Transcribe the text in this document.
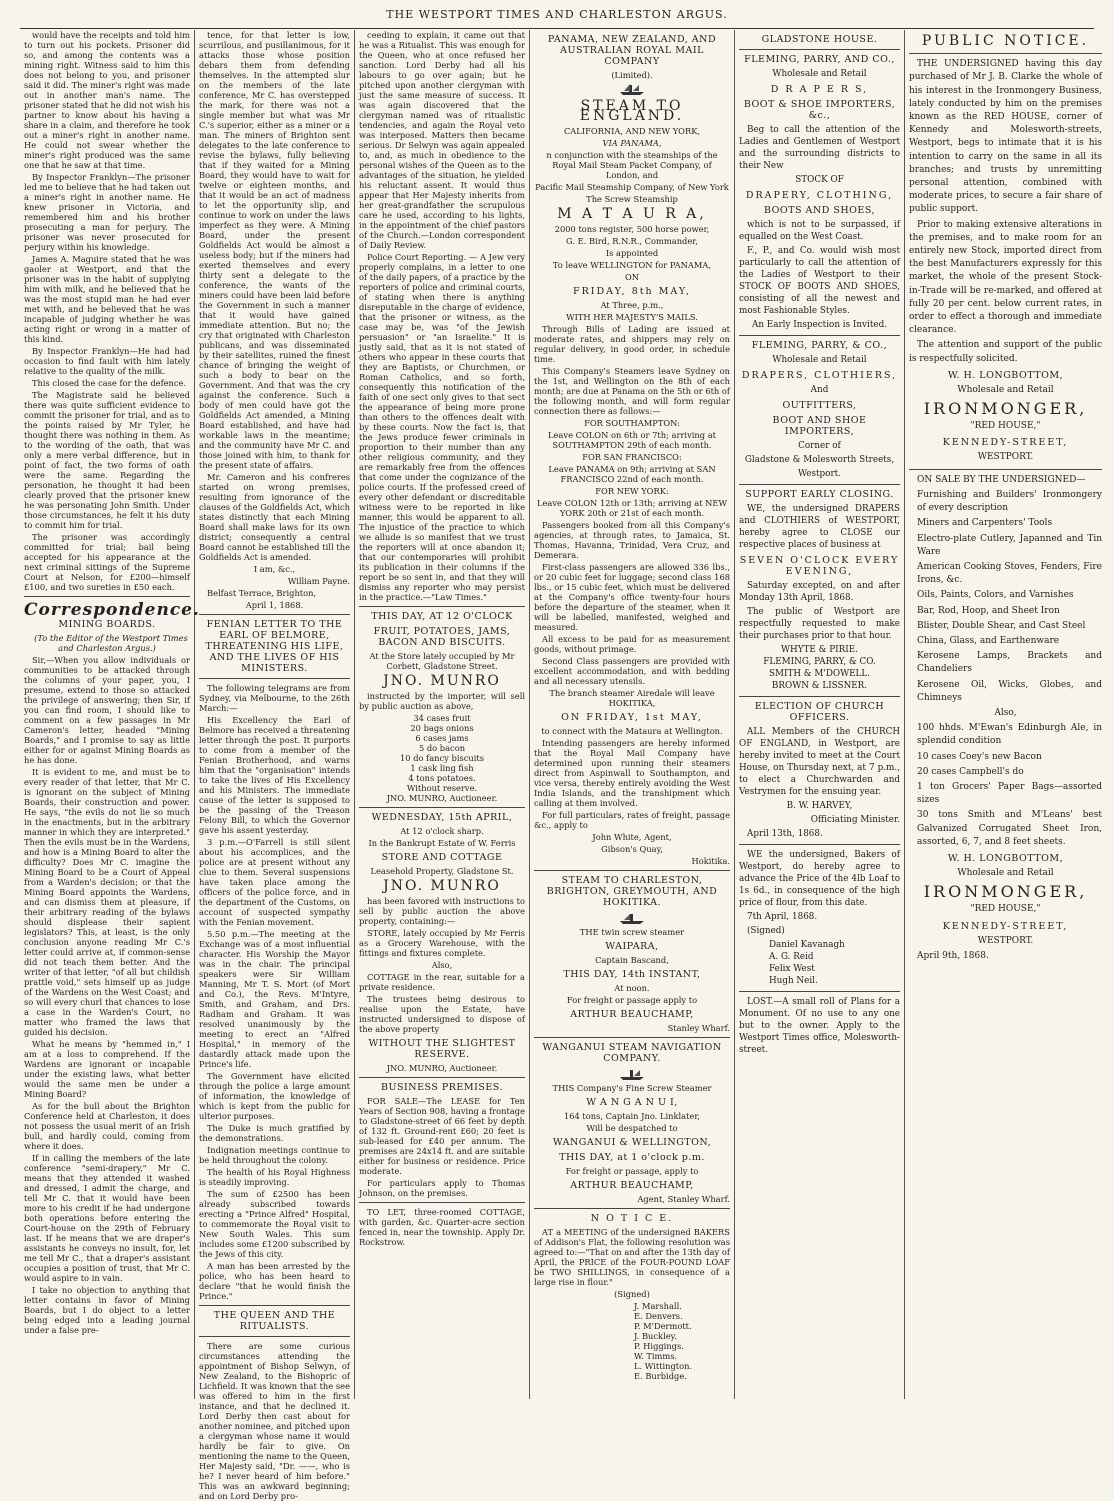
THE WESTPORT TIMES AND CHARLESTON ARGUS.

would have the receipts and told him to turn out his pockets. Prisoner did so, and among the contents was a mining right. Witness said to him this does not belong to you, and prisoner said it did. The miner's right was made out in another man's name. The prisoner stated that he did not wish his partner to know about his having a share in a claim, and therefore he took out a miner's right in another name. He could not swear whether the miner's right produced was the same one that he saw at that time.

By Inspector Franklyn—The prisoner led me to believe that he had taken out a miner's right in another name. He knew prisoner in Victoria, and remembered him and his brother prosecuting a man for perjury. The prisoner was never prosecuted for perjury within his knowledge.

James A. Maguire stated that he was gaoler at Westport, and that the prisoner was in the habit of supplying him with milk, and he believed that he was the most stupid man he had ever met with, and he believed that he was incapable of judging whether he was acting right or wrong in a matter of this kind.

By Inspector Franklyn—He had had occasion to find fault with him lately relative to the quality of the milk.

This closed the case for the defence.

The Magistrate said he believed there was quite sufficient evidence to commit the prisoner for trial, and as to the points raised by Mr Tyler, he thought there was nothing in them. As to the wording of the oath, that was only a mere verbal difference, but in point of fact, the two forms of oath were the same. Regarding the personation, he thought it had been clearly proved that the prisoner knew he was personating John Smith. Under those circumstances, he felt it his duty to commit him for trial.

The prisoner was accordingly committed for trial; bail being accepted for his appearance at the next criminal sittings of the Supreme Court at Nelson, for £200—himself £100, and two sureties in £50 each.

Correspondence.
MINING BOARDS.

(To the Editor of the Westport Times and Charleston Argus.)

Sir,—When you allow individuals or communities to be attacked through the columns of your paper, you, I presume, extend to those so attacked the privilege of answering; then Sir, if you can find room, I should like to comment on a few passages in Mr Cameron's letter, headed "Mining Boards," and I promise to say as little either for or against Mining Boards as he has done.

It is evident to me, and must be to every reader of that letter, that Mr C. is ignorant on the subject of Mining Boards, their construction and power. He says, "the evils do not lie so much in the enactments, but in the arbitrary manner in which they are interpreted." Then the evils must be in the Wardens, and how is a Mining Board to alter the difficulty? Does Mr C. imagine the Mining Board to be a Court of Appeal from a Warden's decision; or that the Mining Board appoints the Wardens, and can dismiss them at pleasure, if their arbitrary reading of the bylaws should displease their sapient legislators? This, at least, is the only conclusion anyone reading Mr C.'s letter could arrive at, if common-sense did not teach them better. And the writer of that letter, "of all but childish prattle void," sets himself up as judge of the Wardens on the West Coast; and so will every churl that chances to lose a case in the Warden's Court, no matter who framed the laws that guided his decision.

What he means by "hemmed in," I am at a loss to comprehend. If the Wardens are ignorant or incapable under the existing laws, what better would the same men be under a Mining Board?

As for the bull about the Brighton Conference held at Charleston, it does not possess the usual merit of an Irish bull, and hardly could, coming from where it does.

If in calling the members of the late conference "semi-drapery," Mr C. means that they attended it washed and dressed, I admit the charge, and tell Mr C. that it would have been more to his credit if he had undergone both operations before entering the Court-house on the 29th of February last. If he means that we are draper's assistants he conveys no insult, for, let me tell Mr C., that a draper's assistant occupies a position of trust, that Mr C. would aspire to in vain.

I take no objection to anything that letter contains in favor of Mining Boards, but I do object to a letter being edged into a leading journal under a false pre-

tence, for that letter is low, scurrilous, and pusillanimous, for it attacks those whose position debars them from defending themselves. In the attempted slur on the members of the late conference, Mr C. has overstepped the mark, for there was not a single member but what was Mr C.'s superior, either as a miner or a man. The miners of Brighton sent delegates to the late conference to revise the bylaws, fully believing that if they waited for a Mining Board, they would have to wait for twelve or eighteen months, and that it would be an act of madness to let the opportunity slip, and continue to work on under the laws imperfect as they were. A Mining Board, under the present Goldfields Act would be almost a useless body; but if the miners had exerted themselves and every thirty sent a delegate to the conference, the wants of the miners could have been laid before the Government in such a manner that it would have gained immediate attention. But no; the cry that originated with Charleston publicans, and was disseminated by their satellites, ruined the finest chance of bringing the weight of such a body to bear on the Government. And that was the cry against the conference. Such a body of men could have got the Goldfields Act amended, a Mining Board established, and have had workable laws in the meantime; and the community have Mr C. and those joined with him, to thank for the present state of affairs.

Mr. Cameron and his confreres started on wrong premises, resulting from ignorance of the clauses of the Goldfields Act, which states distinctly that each Mining Board shall make laws for its own district; consequently a central Board cannot be established till the Goldfields Act is amended.

I am, &c.,

William Payne.

Belfast Terrace, Brighton,

April 1, 1868.

FENIAN LETTER TO THE EARL OF BELMORE, THREATENING HIS LIFE, AND THE LIVES OF HIS MINISTERS.

The following telegrams are from Sydney, via Melbourne, to the 26th March:—

His Excellency the Earl of Belmore has received a threatening letter through the post. It purports to come from a member of the Fenian Brotherhood, and warns him that the "organisation" intends to take the lives of His Excellency and his Ministers. The immediate cause of the letter is supposed to be the passing of the Treason Felony Bill, to which the Governor gave his assent yesterday.

3 p.m.—O'Farrell is still silent about his accomplices, and the police are at present without any clue to them. Several suspensions have taken place among the officers of the police force, and in the department of the Customs, on account of suspected sympathy with the Fenian movement.

5.50 p.m.—The meeting at the Exchange was of a most influential character. His Worship the Mayor was in the chair. The principal speakers were Sir William Manning, Mr T. S. Mort (of Mort and Co.), the Revs. M'Intyre, Smith, and Graham, and Drs. Radham and Graham. It was resolved unanimously by the meeting to erect an "Alfred Hospital," in memory of the dastardly attack made upon the Prince's life.

The Government have elicited through the police a large amount of information, the knowledge of which is kept from the public for ulterior purposes.

The Duke is much gratified by the demonstrations.

Indignation meetings continue to be held throughout the colony.

The health of his Royal Highness is steadily improving.

The sum of £2500 has been already subscribed towards erecting a "Prince Alfred" Hospital, to commemorate the Royal visit to New South Wales. This sum includes some £1200 subscribed by the Jews of this city.

A man has been arrested by the police, who has been heard to declare "that he would finish the Prince."

THE QUEEN AND THE RITUALISTS.

There are some curious circumstances attending the appointment of Bishop Selwyn, of New Zealand, to the Bishopric of Lichfield. It was known that the see was offered to him in the first instance, and that he declined it. Lord Derby then cast about for another nominee, and pitched upon a clergyman whose name it would hardly be fair to give. On mentioning the name to the Queen, Her Majesty said, "Dr. ——, who is he? I never heard of him before." This was an awkward beginning; and on Lord Derby pro-

ceeding to explain, it came out that he was a Ritualist. This was enough for the Queen, who at once refused her sanction. Lord Derby had all his labours to go over again; but he pitched upon another clergyman with just the same measure of success. It was again discovered that the clergyman named was of ritualistic tendencies, and again the Royal veto was interposed. Matters then became serious. Dr Selwyn was again appealed to, and, as much in obedience to the personal wishes of the Queen as to the advantages of the situation, he yielded his reluctant assent. It would thus appear that Her Majesty inherits from her great-grandfather the scrupulous care he used, according to his lights, in the appointment of the chief pastors of the Church.—London correspondent of Daily Review.

Police Court Reporting. — A Jew very properly complains, in a letter to one of the daily papers, of a practice by the reporters of police and criminal courts, of stating when there is anything disreputable in the charge of evidence, that the prisoner or witness, as the case may be, was "of the Jewish persuasion" or "an Israelite." It is justly said, that as it is not stated of others who appear in these courts that they are Baptists, or Churchmen, or Roman Catholics, and so forth, consequently this notification of the faith of one sect only gives to that sect the appearance of being more prone than others to the offences dealt with by these courts. Now the fact is, that the Jews produce fewer criminals in proportion to their number than any other religious community, and they are remarkably free from the offences that come under the cognizance of the police courts. If the professed creed of every other defendant or discreditable witness were to be reported in like manner, this would be apparent to all. The injustice of the practice to which we allude is so manifest that we trust the reporters will at once abandon it; that our contemporaries will prohibit its publication in their columns if the report be so sent in, and that they will dismiss any reporter who may persist in the practice.—"Law Times."

THIS DAY, AT 12 O'CLOCK
FRUIT, POTATOES, JAMS, BACON AND BISCUITS.

At the Store lately occupied by Mr Corbett, Gladstone Street.

JNO. MUNRO

instructed by the importer, will sell by public auction as above,

34 cases fruit
20 bags onions
6 cases jams
5 do bacon
10 do fancy biscuits
1 cask ling fish
4 tons potatoes.
Without reserve.

JNO. MUNRO, Auctioneer.

WEDNESDAY, 15th APRIL,

At 12 o'clock sharp.

In the Bankrupt Estate of W. Ferris

STORE AND COTTAGE

Leasehold Property, Gladstone St.

JNO. MUNRO

has been favored with instructions to sell by public auction the above property, containing:—

STORE, lately occupied by Mr Ferris as a Grocery Warehouse, with the fittings and fixtures complete.

Also,

COTTAGE in the rear, suitable for a private residence.

The trustees being desirous to realise upon the Estate, have instructed undersigned to dispose of the above property

WITHOUT THE SLIGHTEST RESERVE.

JNO. MUNRO, Auctioneer.

BUSINESS PREMISES.

FOR SALE—The LEASE for Ten Years of Section 908, having a frontage to Gladstone-street of 66 feet by depth of 132 ft. Ground-rent £60; 20 feet is sub-leased for £40 per annum. The premises are 24x14 ft. and are suitable either for business or residence. Price moderate.

For particulars apply to Thomas Johnson, on the premises.

TO LET, three-roomed COTTAGE, with garden, &c. Quarter-acre section fenced in, near the township. Apply Dr. Rockstrow.

PANAMA, NEW ZEALAND, AND AUSTRALIAN ROYAL MAIL COMPANY

(Limited).

STEAM TO ENGLAND.

CALIFORNIA, AND NEW YORK,

VIA PANAMA,

n conjunction with the steamships of the Royal Mail Steam Packet Company, of London, and

Pacific Mail Steamship Company, of New York

The Screw Steamship

M A T A U R A,

2000 tons register, 500 horse power,

G. E. Bird, R.N.R., Commander,

Is appointed

To leave WELLINGTON for PANAMA,

ON

FRIDAY, 8th MAY,

At Three, p.m.,

WITH HER MAJESTY'S MAILS.

Through Bills of Lading are issued at moderate rates, and shippers may rely on regular delivery, in good order, in schedule time.

This Company's Steamers leave Sydney on the 1st, and Wellington on the 8th of each month; are due at Panama on the 5th or 6th of the following month, and will form regular connection there as follows:—

FOR SOUTHAMPTON:

Leave COLON on 6th or 7th; arriving at SOUTHAMPTON 29th of each month.

FOR SAN FRANCISCO:

Leave PANAMA on 9th; arriving at SAN FRANCISCO 22nd of each month.

FOR NEW YORK:

Leave COLON 12th or 13th; arriving at NEW YORK 20th or 21st of each month.

Passengers booked from all this Company's agencies, at through rates, to Jamaica, St. Thomas, Havanna, Trinidad, Vera Cruz, and Demerara.

First-class passengers are allowed 336 lbs., or 20 cubic feet for luggage; second class 168 lbs., or 15 cubic feet, which must be delivered at the Company's office twenty-four hours before the departure of the steamer, when it will be labelled, manifested, weighed and measured.

All excess to be paid for as measurement goods, without primage.

Second Class passengers are provided with excellent accommodation, and with bedding and all necessary utensils.

The branch steamer Airedale will leave HOKITIKA,

ON FRIDAY, 1st MAY,

to connect with the Mataura at Wellington.

Intending passengers are hereby informed that the Royal Mail Company have determined upon running their steamers direct from Aspinwall to Southampton, and vice versa, thereby entirely avoiding the West India Islands, and the transhipment which calling at them involved.

For full particulars, rates of freight, passage &c., apply to

John White, Agent,

Gibson's Quay,

Hokitika.

STEAM TO CHARLESTON, BRIGHTON, GREYMOUTH, AND HOKITIKA.

THE twin screw steamer

WAIPARA,

Captain Bascand,

THIS DAY, 14th INSTANT,

At noon.

For freight or passage apply to

ARTHUR BEAUCHAMP,

Stanley Wharf.

WANGANUI STEAM NAVIGATION COMPANY.

THIS Company's Fine Screw Steamer

W A N G A N U I,

164 tons, Captain Jno. Linklater,

Will be despatched to

WANGANUI & WELLINGTON,
THIS DAY, at 1 o'clock p.m.

For freight or passage, apply to

ARTHUR BEAUCHAMP,

Agent, Stanley Wharf.

N O T I C E.

AT a MEETING of the undersigned BAKERS of Addison's Flat, the following resolution was agreed to:—"That on and after the 13th day of April, the PRICE of the FOUR-POUND LOAF be TWO SHILLINGS, in consequence of a large rise in flour."

(Signed)

J. Marshall.
E. Denvers.
P. M'Dermott.
J. Buckley.
P. Higgings.
W. Timms.
L. Wittington.
E. Burbidge.
GLADSTONE HOUSE.
FLEMING, PARRY, AND CO.,

Wholesale and Retail

D R A P E R S,
BOOT & SHOE IMPORTERS, &c.,

Beg to call the attention of the Ladies and Gentlemen of Westport and the surrounding districts to their New

STOCK OF

DRAPERY, CLOTHING,
BOOTS AND SHOES,

which is not to be surpassed, if equalled on the West Coast.

F., P., and Co. would wish most particularly to call the attention of the Ladies of Westport to their STOCK OF BOOTS AND SHOES, consisting of all the newest and most Fashionable Styles.

An Early Inspection is Invited.

FLEMING, PARRY, & CO.,

Wholesale and Retail

DRAPERS, CLOTHIERS,

And

OUTFITTERS,
BOOT AND SHOE IMPORTERS,

Corner of

Gladstone & Molesworth Streets,

Westport.

SUPPORT EARLY CLOSING.

WE, the undersigned DRAPERS and CLOTHIERS of WESTPORT, hereby agree to CLOSE our respective places of business at

SEVEN O'CLOCK EVERY EVENING,

Saturday excepted, on and after Monday 13th April, 1868.

The public of Westport are respectfully requested to make their purchases prior to that hour.

WHYTE & PIRIE.
FLEMING, PARRY, & CO.
SMITH & M'DOWELL.
BROWN & LISSNER.
ELECTION OF CHURCH OFFICERS.

ALL Members of the CHURCH OF ENGLAND, in Westport, are hereby invited to meet at the Court House, on Thursday next, at 7 p.m., to elect a Churchwarden and Vestrymen for the ensuing year.

B. W. HARVEY,

Officiating Minister.

April 13th, 1868.

WE the undersigned, Bakers of Westport, do hereby agree to advance the Price of the 4lb Loaf to 1s 6d., in consequence of the high price of flour, from this date.

7th April, 1868.

(Signed)

Daniel Kavanagh
A. G. Reid
Felix West
Hugh Neil.

LOST.—A small roll of Plans for a Monument. Of no use to any one but to the owner. Apply to the Westport Times office, Molesworth-street.

PUBLIC NOTICE.

THE UNDERSIGNED having this day purchased of Mr J. B. Clarke the whole of his interest in the Ironmongery Business, lately conducted by him on the premises known as the RED HOUSE, corner of Kennedy and Molesworth-streets, Westport, begs to intimate that it is his intention to carry on the same in all its branches; and trusts by unremitting personal attention, combined with moderate prices, to secure a fair share of public support.

Prior to making extensive alterations in the premises, and to make room for an entirely new Stock, imported direct from the best Manufacturers expressly for this market, the whole of the present Stock-in-Trade will be re-marked, and offered at fully 20 per cent. below current rates, in order to effect a thorough and immediate clearance.

The attention and support of the public is respectfully solicited.

W. H. LONGBOTTOM,

Wholesale and Retail

IRONMONGER,

"RED HOUSE,"

KENNEDY-STREET,

WESTPORT.

ON SALE BY THE UNDERSIGNED—

Furnishing and Builders' Ironmongery of every description

Miners and Carpenters' Tools

Electro-plate Cutlery, Japanned and Tin Ware

American Cooking Stoves, Fenders, Fire Irons, &c.

Oils, Paints, Colors, and Varnishes

Bar, Rod, Hoop, and Sheet Iron

Blister, Double Shear, and Cast Steel

China, Glass, and Earthenware

Kerosene Lamps, Brackets and Chandeliers

Kerosene Oil, Wicks, Globes, and Chimneys

Also,

100 hhds. M'Ewan's Edinburgh Ale, in splendid condition

10 cases Coey's new Bacon

20 cases Campbell's do

1 ton Grocers' Paper Bags—assorted sizes

30 tons Smith and M'Leans' best Galvanized Corrugated Sheet Iron, assorted, 6, 7, and 8 feet sheets.

W. H. LONGBOTTOM,

Wholesale and Retail

IRONMONGER,

"RED HOUSE,"

KENNEDY-STREET,

WESTPORT.

April 9th, 1868.
